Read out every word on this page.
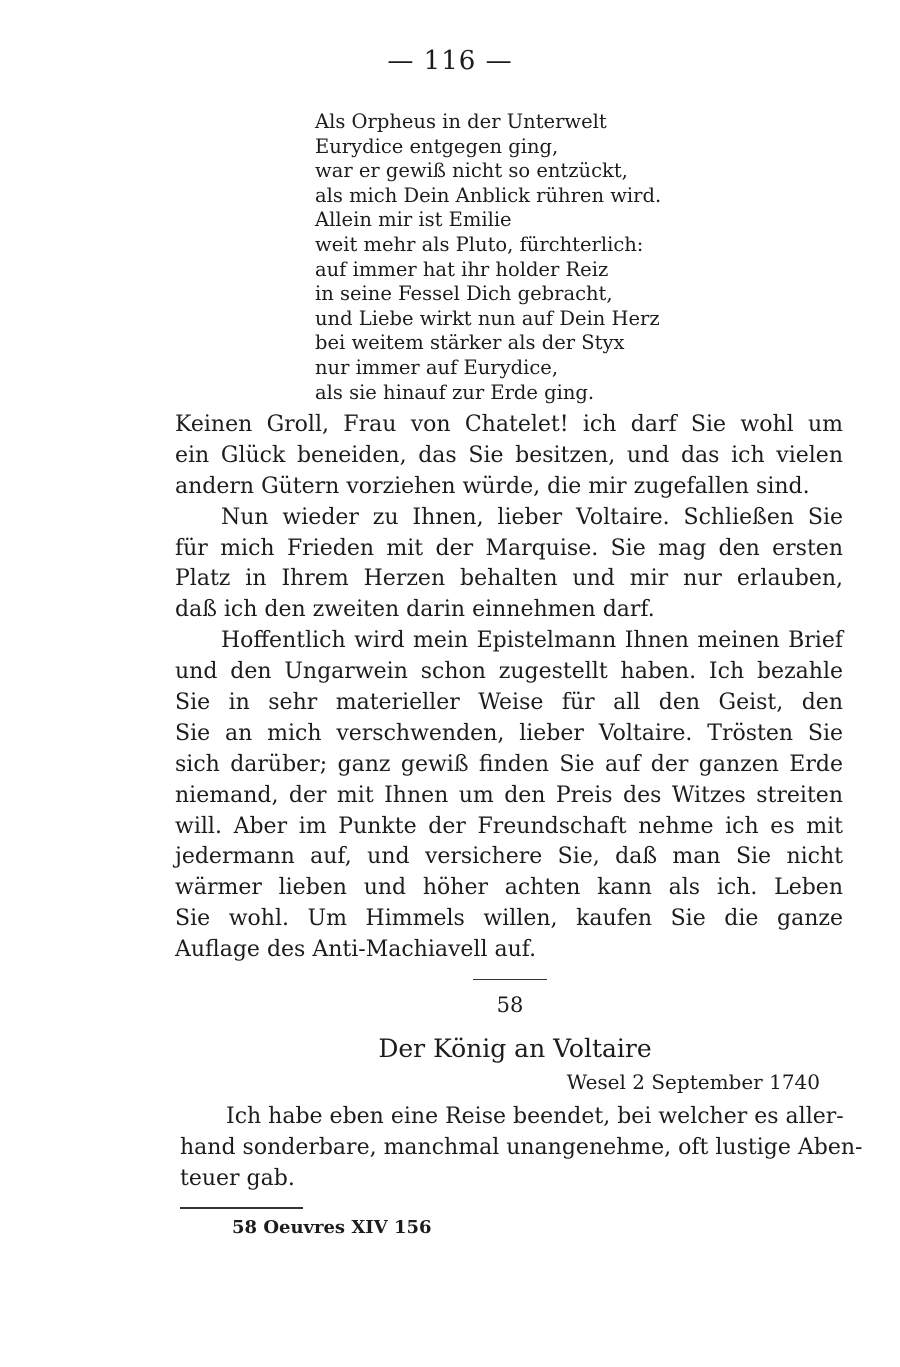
— 116 —
Als Orpheus in der Unterwelt
Eurydice entgegen ging,
war er gewiß nicht so entzückt,
als mich Dein Anblick rühren wird.
Allein mir ist Emilie
weit mehr als Pluto, fürchterlich:
auf immer hat ihr holder Reiz
in seine Fessel Dich gebracht,
und Liebe wirkt nun auf Dein Herz
bei weitem stärker als der Styx
nur immer auf Eurydice,
als sie hinauf zur Erde ging.
Keinen Groll, Frau von Chatelet! ich darf Sie wohl um
ein Glück beneiden, das Sie besitzen, und das ich vielen
andern Gütern vorziehen würde, die mir zugefallen sind.
Nun wieder zu Ihnen, lieber Voltaire. Schließen Sie
für mich Frieden mit der Marquise. Sie mag den ersten
Platz in Ihrem Herzen behalten und mir nur erlauben,
daß ich den zweiten darin einnehmen darf.
Hoffentlich wird mein Epistelmann Ihnen meinen Brief
und den Ungarwein schon zugestellt haben. Ich bezahle
Sie in sehr materieller Weise für all den Geist, den
Sie an mich verschwenden, lieber Voltaire. Trösten Sie
sich darüber; ganz gewiß finden Sie auf der ganzen Erde
niemand, der mit Ihnen um den Preis des Witzes streiten
will. Aber im Punkte der Freundschaft nehme ich es mit
jedermann auf, und versichere Sie, daß man Sie nicht
wärmer lieben und höher achten kann als ich. Leben
Sie wohl. Um Himmels willen, kaufen Sie die ganze
Auflage des Anti-Machiavell auf.
58
Der König an Voltaire
Wesel 2 September 1740
Ich habe eben eine Reise beendet, bei welcher es aller-
hand sonderbare, manchmal unangenehme, oft lustige Aben-
teuer gab.
58 Oeuvres XIV 156
